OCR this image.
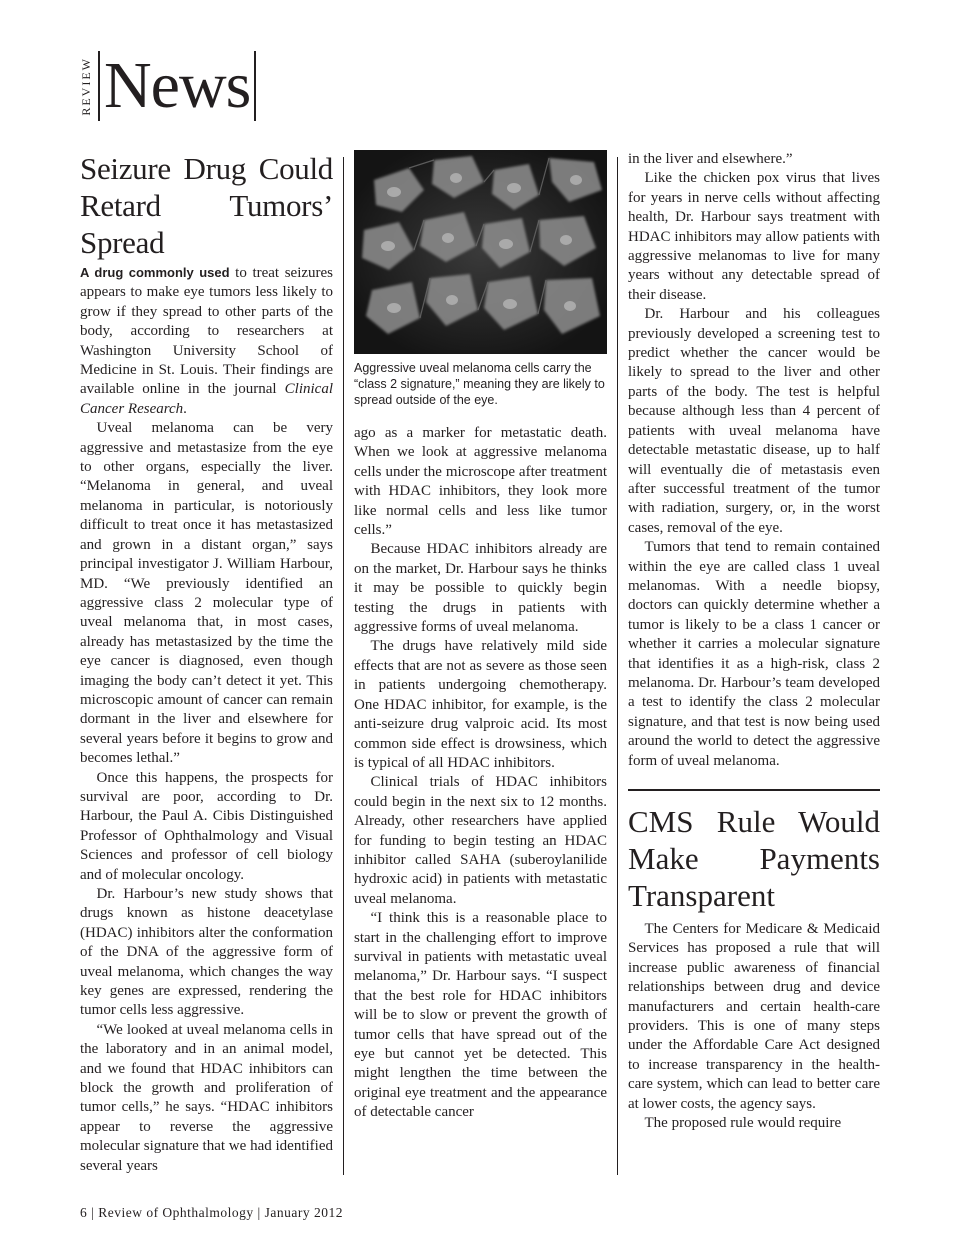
REVIEW News
Seizure Drug Could Retard Tumors’ Spread

A drug commonly used to treat seizures appears to make eye tumors less likely to grow if they spread to other parts of the body, according to researchers at Washington University School of Medicine in St. Louis. Their findings are available online in the journal Clinical Cancer Research.

Uveal melanoma can be very aggressive and metastasize from the eye to other organs, especially the liver. “Melanoma in general, and uveal melanoma in particular, is notoriously difficult to treat once it has metastasized and grown in a distant organ,” says principal investigator J. William Harbour, MD. “We previously identified an aggressive class 2 molecular type of uveal melanoma that, in most cases, already has metastasized by the time the eye cancer is diagnosed, even though imaging the body can’t detect it yet. This microscopic amount of cancer can remain dormant in the liver and elsewhere for several years before it begins to grow and becomes lethal.”

Once this happens, the prospects for survival are poor, according to Dr. Harbour, the Paul A. Cibis Distinguished Professor of Ophthalmology and Visual Sciences and professor of cell biology and of molecular oncology.

Dr. Harbour’s new study shows that drugs known as histone deacetylase (HDAC) inhibitors alter the conformation of the DNA of the aggressive form of uveal melanoma, which changes the way key genes are expressed, rendering the tumor cells less aggressive.

“We looked at uveal melanoma cells in the laboratory and in an animal model, and we found that HDAC inhibitors can block the growth and proliferation of tumor cells,” he says. “HDAC inhibitors appear to reverse the aggressive molecular signature that we had identified several years

Aggressive uveal melanoma cells carry the “class 2 signature,” meaning they are likely to spread outside of the eye.

ago as a marker for metastatic death. When we look at aggressive melanoma cells under the microscope after treatment with HDAC inhibitors, they look more like normal cells and less like tumor cells.”

Because HDAC inhibitors already are on the market, Dr. Harbour says he thinks it may be possible to quickly begin testing the drugs in patients with aggressive forms of uveal melanoma.

The drugs have relatively mild side effects that are not as severe as those seen in patients undergoing chemotherapy. One HDAC inhibitor, for example, is the anti-seizure drug valproic acid. Its most common side effect is drowsiness, which is typical of all HDAC inhibitors.

Clinical trials of HDAC inhibitors could begin in the next six to 12 months. Already, other researchers have applied for funding to begin testing an HDAC inhibitor called SAHA (suberoylanilide hydroxic acid) in patients with metastatic uveal melanoma.

“I think this is a reasonable place to start in the challenging effort to improve survival in patients with metastatic uveal melanoma,” Dr. Harbour says. “I suspect that the best role for HDAC inhibitors will be to slow or prevent the growth of tumor cells that have spread out of the eye but cannot yet be detected. This might lengthen the time between the original eye treatment and the appearance of detectable cancer

in the liver and elsewhere.”

Like the chicken pox virus that lives for years in nerve cells without affecting health, Dr. Harbour says treatment with HDAC inhibitors may allow patients with aggressive melanomas to live for many years without any detectable spread of their disease.

Dr. Harbour and his colleagues previously developed a screening test to predict whether the cancer would be likely to spread to the liver and other parts of the body. The test is helpful because although less than 4 percent of patients with uveal melanoma have detectable metastatic disease, up to half will eventually die of metastasis even after successful treatment of the tumor with radiation, surgery, or, in the worst cases, removal of the eye.

Tumors that tend to remain contained within the eye are called class 1 uveal melanomas. With a needle biopsy, doctors can quickly determine whether a tumor is likely to be a class 1 cancer or whether it carries a molecular signature that identifies it as a high-risk, class 2 melanoma. Dr. Harbour’s team developed a test to identify the class 2 molecular signature, and that test is now being used around the world to detect the aggressive form of uveal melanoma.

CMS Rule Would Make Payments Transparent

The Centers for Medicare & Medicaid Services has proposed a rule that will increase public awareness of financial relationships between drug and device manufacturers and certain health-care providers. This is one of many steps under the Affordable Care Act designed to increase transparency in the health-care system, which can lead to better care at lower costs, the agency says.

The proposed rule would require

6 | Review of Ophthalmology | January 2012
